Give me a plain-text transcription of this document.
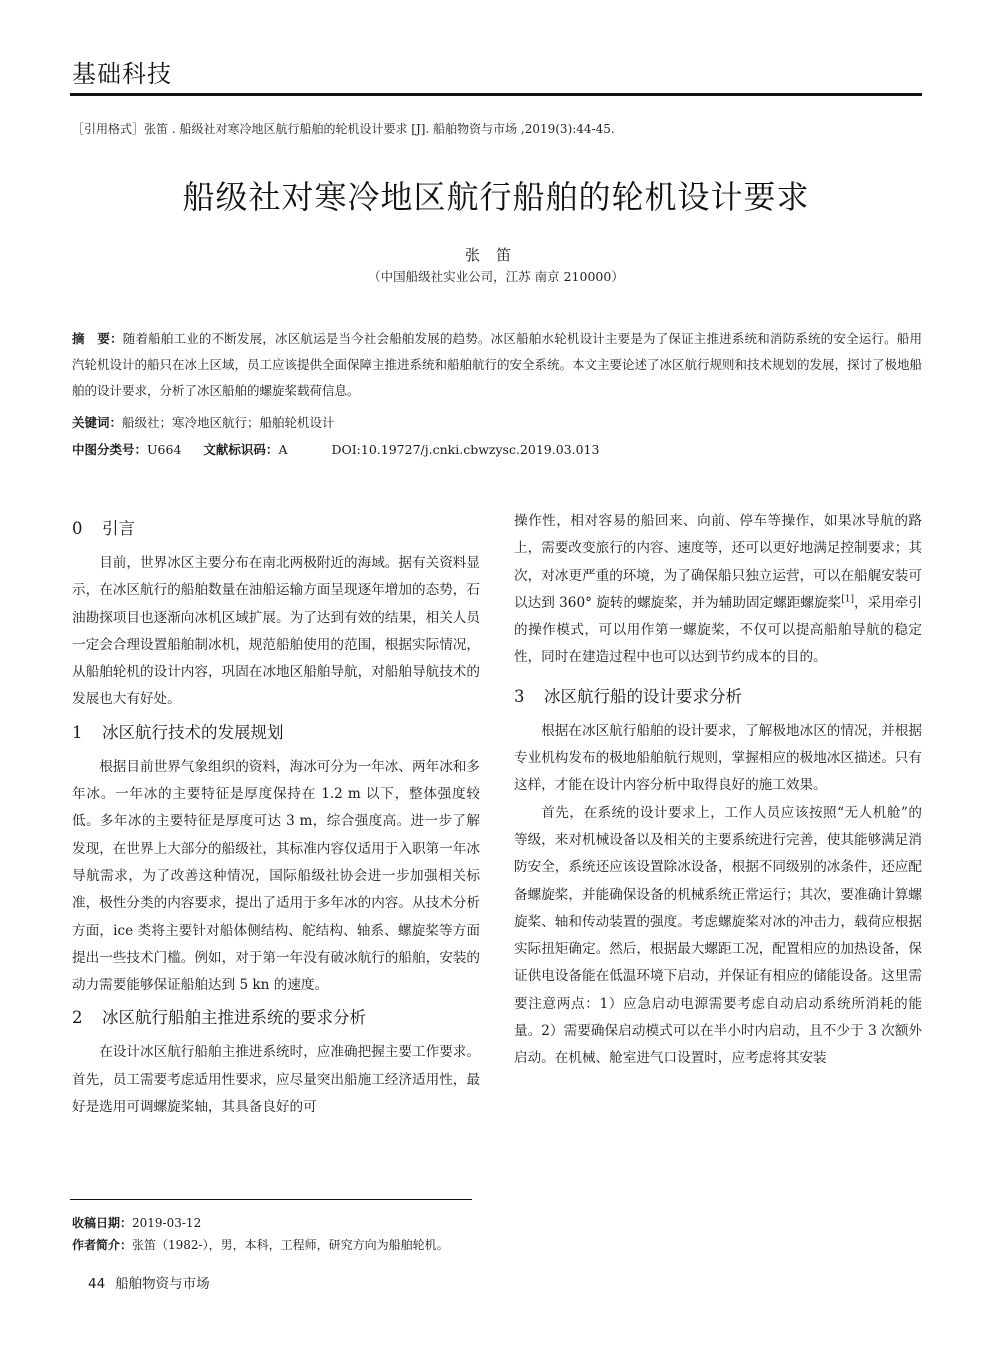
基础科技
［引用格式］张笛 . 船级社对寒冷地区航行船舶的轮机设计要求 [J]. 船舶物资与市场 ,2019(3):44-45.
船级社对寒冷地区航行船舶的轮机设计要求
张笛
（中国船级社实业公司，江苏 南京 210000）
摘　要：随着船舶工业的不断发展，冰区航运是当今社会船舶发展的趋势。冰区船舶水轮机设计主要是为了保证主推进系统和消防系统的安全运行。船用汽轮机设计的船只在冰上区域，员工应该提供全面保障主推进系统和船舶航行的安全系统。本文主要论述了冰区航行规则和技术规划的发展，探讨了极地船舶的设计要求，分析了冰区船舶的螺旋桨载荷信息。
关键词：船级社；寒冷地区航行；船舶轮机设计
中图分类号：U664 文献标识码：A	DOI:10.19727/j.cnki.cbwzysc.2019.03.013
0 引言

目前，世界冰区主要分布在南北两极附近的海域。据有关资料显示，在冰区航行的船舶数量在油船运输方面呈现逐年增加的态势，石油勘探项目也逐渐向冰机区域扩展。为了达到有效的结果，相关人员一定会合理设置船舶制冰机，规范船舶使用的范围，根据实际情况，从船舶轮机的设计内容，巩固在冰地区船舶导航，对船舶导航技术的发展也大有好处。

1 冰区航行技术的发展规划

根据目前世界气象组织的资料，海冰可分为一年冰、两年冰和多年冰。一年冰的主要特征是厚度保持在 1.2 m 以下，整体强度较低。多年冰的主要特征是厚度可达 3 m，综合强度高。进一步了解发现，在世界上大部分的船级社，其标准内容仅适用于入职第一年冰导航需求，为了改善这种情况，国际船级社协会进一步加强相关标准，极性分类的内容要求，提出了适用于多年冰的内容。从技术分析方面，ice 类将主要针对船体侧结构、舵结构、轴系、螺旋桨等方面提出一些技术门槛。例如，对于第一年没有破冰航行的船舶，安装的动力需要能够保证船舶达到 5 kn 的速度。

2 冰区航行船舶主推进系统的要求分析

在设计冰区航行船舶主推进系统时，应准确把握主要工作要求。首先，员工需要考虑适用性要求，应尽量突出船施工经济适用性，最好是选用可调螺旋桨轴，其具备良好的可

操作性，相对容易的船回来、向前、停车等操作，如果冰导航的路上，需要改变旅行的内容、速度等，还可以更好地满足控制要求；其次，对冰更严重的环境，为了确保船只独立运营，可以在船艉安装可以达到 360° 旋转的螺旋桨，并为辅助固定螺距螺旋桨[1]，采用牵引的操作模式，可以用作第一螺旋桨，不仅可以提高船舶导航的稳定性，同时在建造过程中也可以达到节约成本的目的。

3 冰区航行船的设计要求分析

根据在冰区航行船舶的设计要求，了解极地冰区的情况，并根据专业机构发布的极地船舶航行规则，掌握相应的极地冰区描述。只有这样，才能在设计内容分析中取得良好的施工效果。

首先，在系统的设计要求上，工作人员应该按照“无人机舱”的等级，来对机械设备以及相关的主要系统进行完善，使其能够满足消防安全，系统还应该设置除冰设备，根据不同级别的冰条件，还应配备螺旋桨，并能确保设备的机械系统正常运行；其次，要准确计算螺旋桨、轴和传动装置的强度。考虑螺旋桨对冰的冲击力，载荷应根据实际扭矩确定。然后，根据最大螺距工况，配置相应的加热设备，保证供电设备能在低温环境下启动，并保证有相应的储能设备。这里需要注意两点：1）应急启动电源需要考虑自动启动系统所消耗的能量。2）需要确保启动模式可以在半小时内启动，且不少于 3 次额外启动。在机械、舱室进气口设置时，应考虑将其安装

收稿日期：2019-03-12
作者简介：张笛（1982-），男，本科，工程师，研究方向为船舶轮机。
44 船舶物资与市场
